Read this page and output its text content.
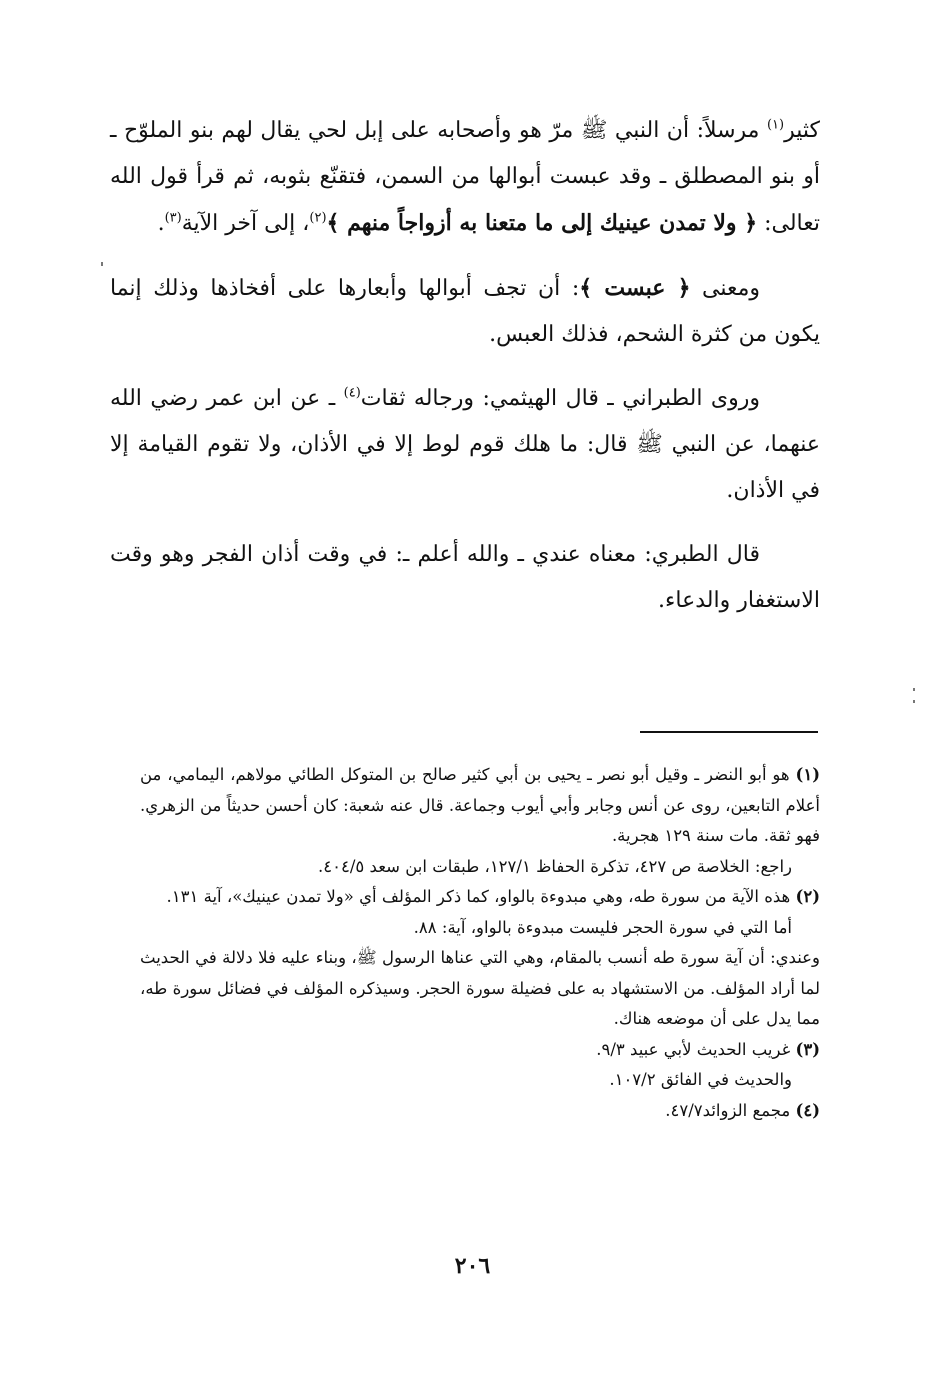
كثير$^{(١)}$ مرسلاً: أن النبي ﷺ مرّ هو وأصحابه على إبل لحي يقال لهم بنو الملوّح ـ أو بنو المصطلق ـ وقد عبست أبوالها من السمن، فتقنّع بثوبه، ثم قرأ قول الله تعالى: ﴿ ولا تمدن عينيك إلى ما متعنا به أزواجاً منهم ﴾$^{(٢)}$، إلى آخر الآية$^{(٣)}$.

ومعنى ﴿ عبست ﴾: أن تجف أبوالها وأبعارها على أفخاذها وذلك إنما يكون من كثرة الشحم، فذلك العبس.

وروى الطبراني ـ قال الهيثمي: ورجاله ثقات$^{(٤)}$ ـ عن ابن عمر رضي الله عنهما، عن النبي ﷺ قال: ما هلك قوم لوط إلا في الأذان، ولا تقوم القيامة إلا في الأذان.

قال الطبري: معناه عندي ـ والله أعلم ـ: في وقت أذان الفجر وهو وقت الاستغفار والدعاء.

(١) هو أبو النضر ـ وقيل أبو نصر ـ يحيى بن أبي كثير صالح بن المتوكل الطائي مولاهم، اليمامي، من أعلام التابعين، روى عن أنس وجابر وأبي أيوب وجماعة. قال عنه شعبة: كان أحسن حديثاً من الزهري. فهو ثقة. مات سنة ١٢٩ هجرية.

راجع: الخلاصة ص ٤٢٧، تذكرة الحفاظ ١٢٧/١، طبقات ابن سعد ٤٠٤/٥.

(٢) هذه الآية من سورة طه، وهي مبدوءة بالواو، كما ذكر المؤلف أي «ولا تمدن عينيك»، آية ١٣١.

أما التي في سورة الحجر فليست مبدوءة بالواو، آية: ٨٨.

وعندي: أن آية سورة طه أنسب بالمقام، وهي التي عناها الرسول ﷺ، وبناء عليه فلا دلالة في الحديث لما أراد المؤلف. من الاستشهاد به على فضيلة سورة الحجر. وسيذكره المؤلف في فضائل سورة طه، مما يدل على أن موضعه هناك.

(٣) غريب الحديث لأبي عبيد ٩/٣.

والحديث في الفائق ١٠٧/٢.

(٤) مجمع الزوائد٤٧/٧.

٢٠٦
